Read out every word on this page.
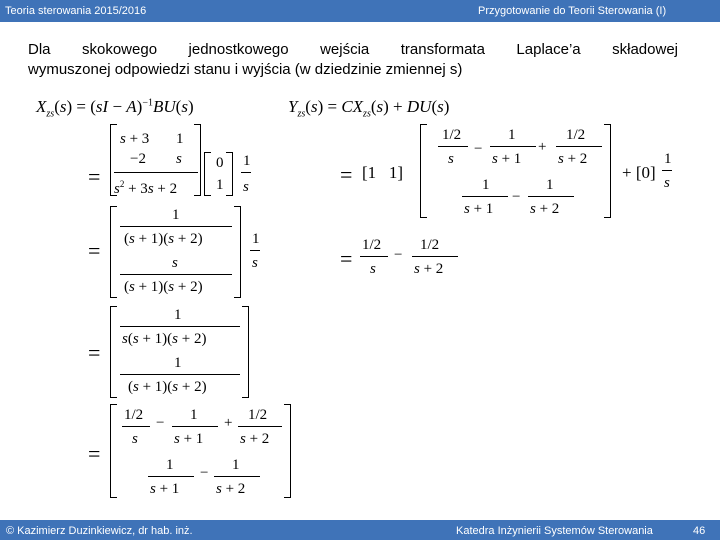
Teoria sterowania 2015/2016	Przygotowanie do Teorii Sterowania (I)

Dla skokowego jednostkowego wejścia transformata Laplace’a składowej

wymuszonej odpowiedzi stanu i wyjścia (w dziedzinie zmiennej s)

$X_{zs}(s) = (sI - A)^{-1}BU(s)$
=
s + 3 1
−2 s
$s^2 + 3s + 2$
0
1
1
s
=
1
(s + 1)(s + 2)
s
(s + 1)(s + 2)
1
s
=
1
s(s + 1)(s + 2)
1
(s + 1)(s + 2)
=
1/2
s
− 1
s + 1
+ 1/2
s + 2
1
s + 1
− 1
s + 2
$Y_{zs}(s) = CX_{zs}(s) + DU(s)$
= [1   1]
1/2
s
−
1
s + 1
+
1/2
s + 2
1
s + 1
−
1
s + 2
+ [0]
1
s
=
1/2
s
−
1/2
s + 2
© Kazimierz Duzinkiewicz, dr hab. inż.	Katedra Inżynierii Systemów Sterowania	46
